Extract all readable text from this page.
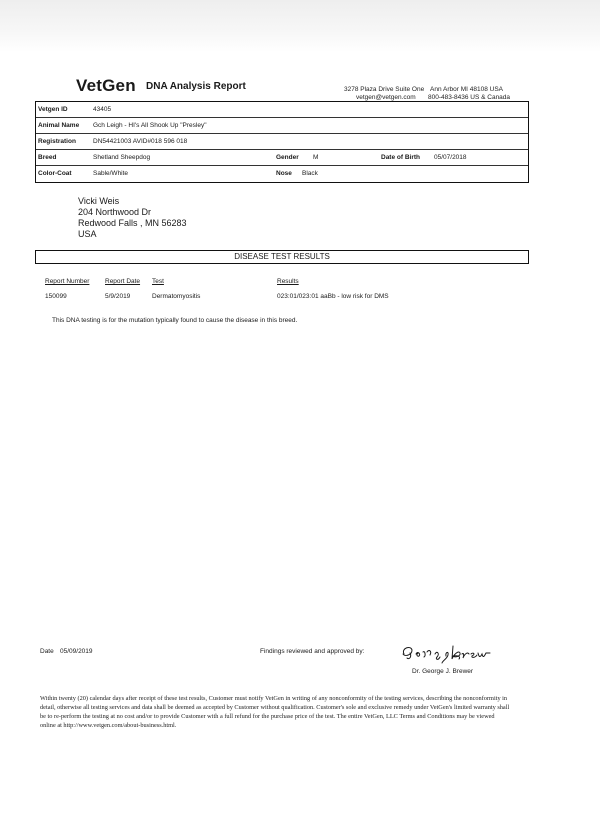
VetGen DNA Analysis Report	3278 Plaza Drive Suite One
vetgen@vetgen.com
Ann Arbor MI 48108 USA
800-483-8436 US & Canada
Vetgen ID	43405
Animal Name Gch Leigh - HI's All Shook Up "Presley"
Registration	DN54421003 AVID#018 596 018
Breed	Shetland Sheepdog	Gender M	Date of Birth 05/07/2018
Color-Coat	Sable/White	Nose Black
Vicki Weis
204 Northwood Dr
Redwood Falls , MN 56283
USA
DISEASE TEST RESULTS
Report Number Report Date Test	Results
150099	5/9/2019	Dermatomyositis	023:01/023:01 aaBb - low risk for DMS
This DNA testing is for the mutation typically found to cause the disease in this breed.
Date 05/09/2019	Findings reviewed and approved by:
Dr. George J. Brewer
Within twenty (20) calendar days after receipt of these test results, Customer must notify VetGen in writing of any nonconformity of the testing services, describing the nonconformity in detail, otherwise all testing services and data shall be deemed as accepted by Customer without qualification. Customer's sole and exclusive remedy under VetGen's limited warranty shall be to re-perform the testing at no cost and/or to provide Customer with a full refund for the purchase price of the test. The entire VetGen, LLC Terms and Conditions may be viewed online at http://www.vetgen.com/about-business.html.
